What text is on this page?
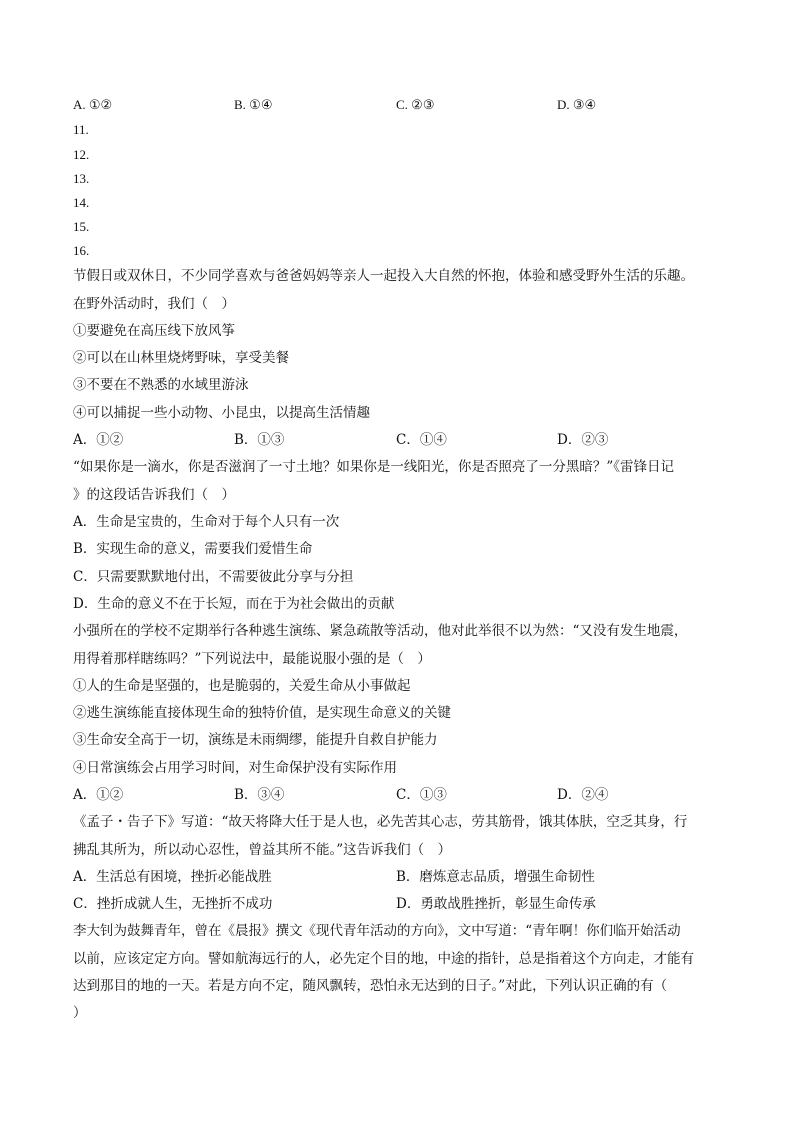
A. ①②	B. ①④	C. ②③	D. ③④
11.
12.
13.
14.
15.
16.
节假日或双休日，不少同学喜欢与爸爸妈妈等亲人一起投入大自然的怀抱，体验和感受野外生活的乐趣。
在野外活动时，我们（　）
①要避免在高压线下放风筝
②可以在山林里烧烤野味，享受美餐
③不要在不熟悉的水域里游泳
④可以捕捉一些小动物、小昆虫，以提高生活情趣
A．①②	B．①③	C．①④	D．②③
“如果你是一滴水，你是否滋润了一寸土地？如果你是一线阳光，你是否照亮了一分黑暗？”《雷锋日记
》的这段话告诉我们（　）
A．生命是宝贵的，生命对于每个人只有一次
B．实现生命的意义，需要我们爱惜生命
C．只需要默默地付出，不需要彼此分享与分担
D．生命的意义不在于长短，而在于为社会做出的贡献
小强所在的学校不定期举行各种逃生演练、紧急疏散等活动，他对此举很不以为然：“又没有发生地震，
用得着那样瞎练吗？”下列说法中，最能说服小强的是（　）
①人的生命是坚强的，也是脆弱的，关爱生命从小事做起
②逃生演练能直接体现生命的独特价值，是实现生命意义的关键
③生命安全高于一切，演练是未雨绸缪，能提升自救自护能力
④日常演练会占用学习时间，对生命保护没有实际作用
A．①②	B．③④	C．①③	D．②④
《孟子・告子下》写道：“故天将降大任于是人也，必先苦其心志，劳其筋骨，饿其体肤，空乏其身，行
拂乱其所为，所以动心忍性，曾益其所不能。”这告诉我们（　）
A．生活总有困境，挫折必能战胜	B．磨炼意志品质，增强生命韧性
C．挫折成就人生，无挫折不成功	D．勇敢战胜挫折，彰显生命传承
李大钊为鼓舞青年，曾在《晨报》撰文《现代青年活动的方向》，文中写道：“青年啊！你们临开始活动
以前，应该定定方向。譬如航海远行的人，必先定个目的地，中途的指针，总是指着这个方向走，才能有
达到那目的地的一天。若是方向不定，随风飘转，恐怕永无达到的日子。”对此，下列认识正确的有（
）
